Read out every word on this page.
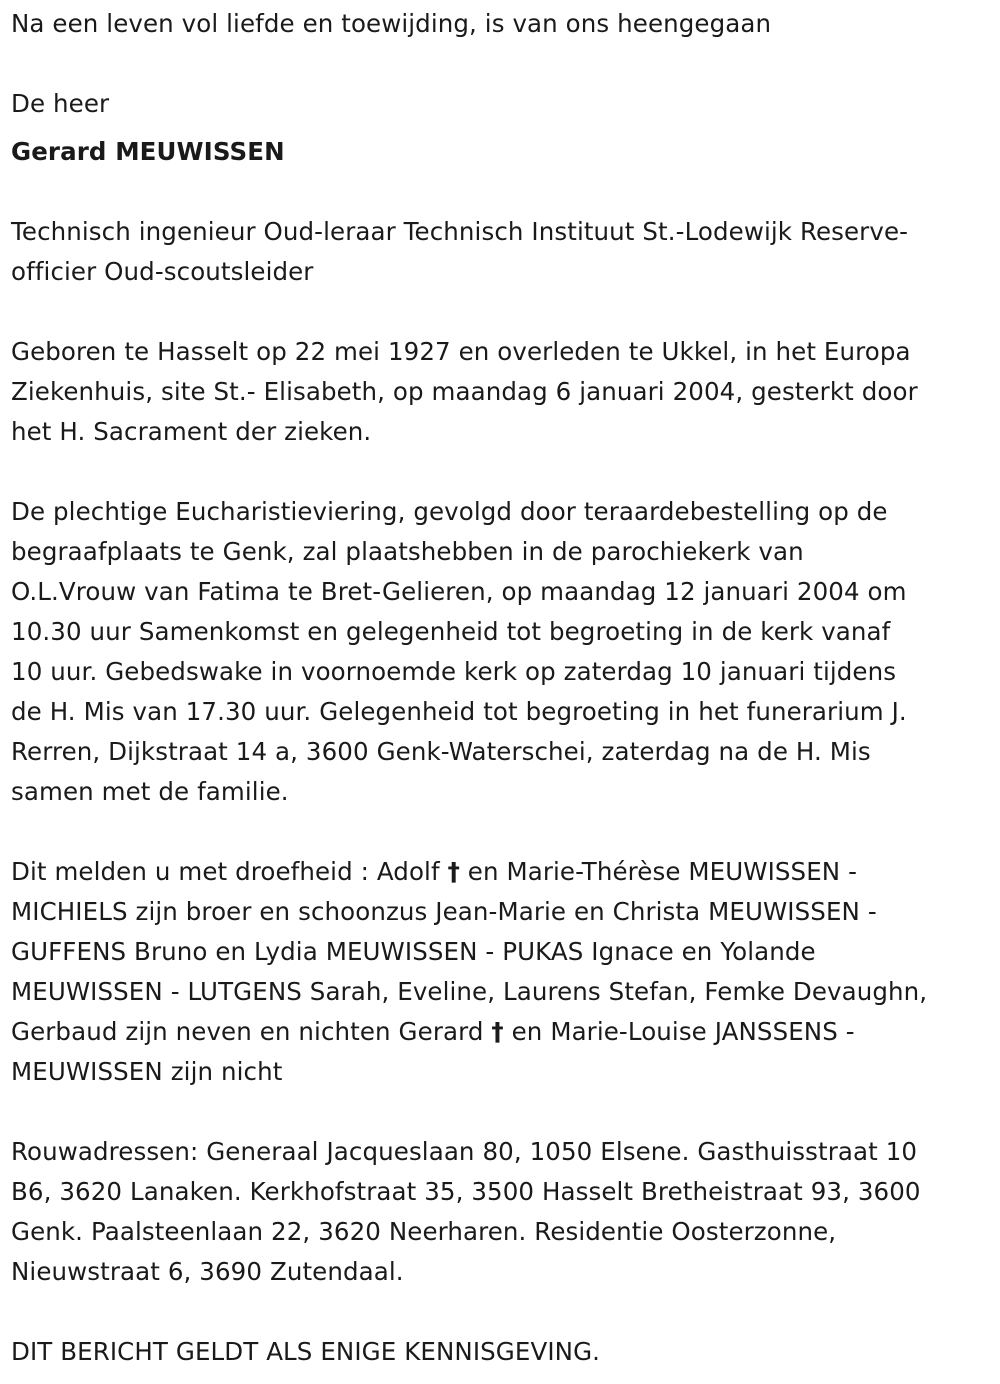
Na een leven vol liefde en toewijding, is van ons heengegaan
De heer
Gerard MEUWISSEN
Technisch ingenieur Oud-leraar Technisch Instituut St.-Lodewijk Reserve-
officier Oud-scoutsleider
Geboren te Hasselt op 22 mei 1927 en overleden te Ukkel, in het Europa
Ziekenhuis, site St.- Elisabeth, op maandag 6 januari 2004, gesterkt door
het H. Sacrament der zieken.
De plechtige Eucharistieviering, gevolgd door teraardebestelling op de
begraafplaats te Genk, zal plaatshebben in de parochiekerk van
O.L.Vrouw van Fatima te Bret-Gelieren, op maandag 12 januari 2004 om
10.30 uur Samenkomst en gelegenheid tot begroeting in de kerk vanaf
10 uur. Gebedswake in voornoemde kerk op zaterdag 10 januari tijdens
de H. Mis van 17.30 uur. Gelegenheid tot begroeting in het funerarium J.
Rerren, Dijkstraat 14 a, 3600 Genk-Waterschei, zaterdag na de H. Mis
samen met de familie.
Dit melden u met droefheid : Adolf † en Marie-Thérèse MEUWISSEN -
MICHIELS zijn broer en schoonzus Jean-Marie en Christa MEUWISSEN -
GUFFENS Bruno en Lydia MEUWISSEN - PUKAS Ignace en Yolande
MEUWISSEN - LUTGENS Sarah, Eveline, Laurens Stefan, Femke Devaughn,
Gerbaud zijn neven en nichten Gerard † en Marie-Louise JANSSENS -
MEUWISSEN zijn nicht
Rouwadressen: Generaal Jacqueslaan 80, 1050 Elsene. Gasthuisstraat 10
B6, 3620 Lanaken. Kerkhofstraat 35, 3500 Hasselt Bretheistraat 93, 3600
Genk. Paalsteenlaan 22, 3620 Neerharen. Residentie Oosterzonne,
Nieuwstraat 6, 3690 Zutendaal.
DIT BERICHT GELDT ALS ENIGE KENNISGEVING.
